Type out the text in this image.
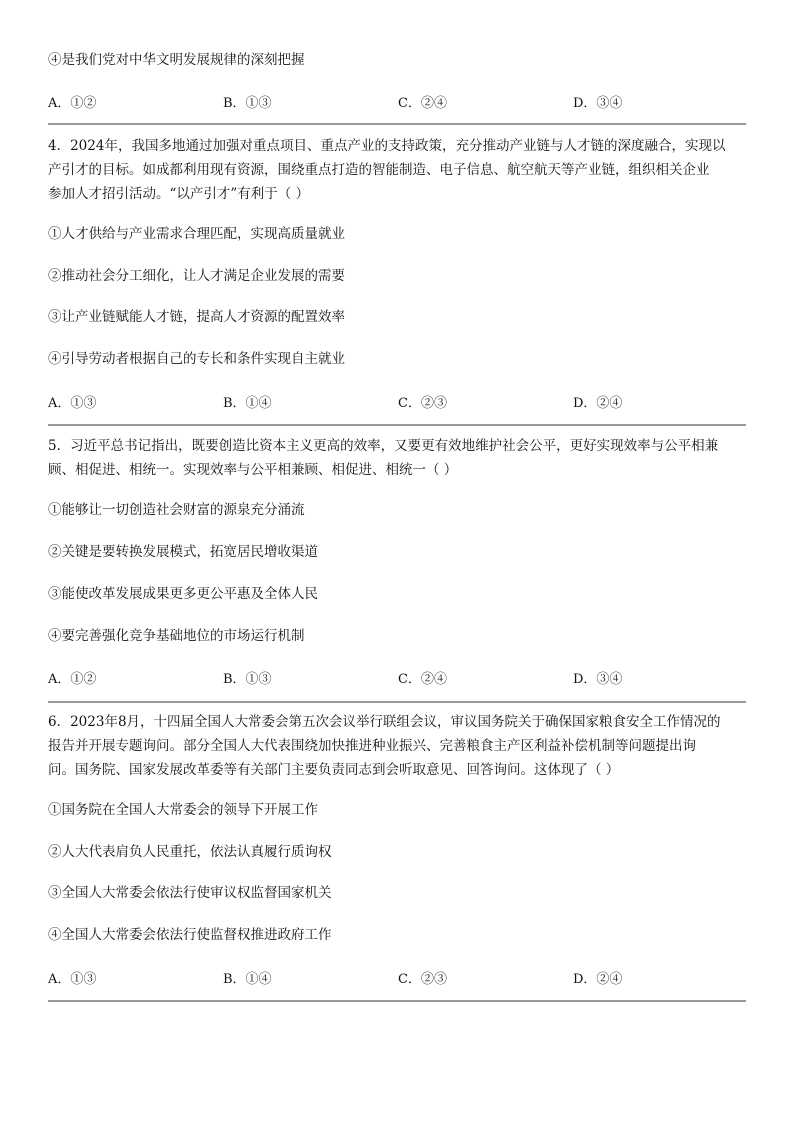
④是我们党对中华文明发展规律的深刻把握
A．①②	B．①③	C．②④	D．③④
4．2024年，我国多地通过加强对重点项目、重点产业的支持政策，充分推动产业链与人才链的深度融合，实现以
产引才的目标。如成都利用现有资源，围绕重点打造的智能制造、电子信息、航空航天等产业链，组织相关企业
参加人才招引活动。“以产引才”有利于（ ）
①人才供给与产业需求合理匹配，实现高质量就业
②推动社会分工细化，让人才满足企业发展的需要
③让产业链赋能人才链，提高人才资源的配置效率
④引导劳动者根据自己的专长和条件实现自主就业
A．①③	B．①④	C．②③	D．②④
5．习近平总书记指出，既要创造比资本主义更高的效率，又要更有效地维护社会公平，更好实现效率与公平相兼
顾、相促进、相统一。实现效率与公平相兼顾、相促进、相统一（ ）
①能够让一切创造社会财富的源泉充分涌流
②关键是要转换发展模式，拓宽居民增收渠道
③能使改革发展成果更多更公平惠及全体人民
④要完善强化竞争基础地位的市场运行机制
A．①②	B．①③	C．②④	D．③④
6．2023年8月，十四届全国人大常委会第五次会议举行联组会议，审议国务院关于确保国家粮食安全工作情况的
报告并开展专题询问。部分全国人大代表围绕加快推进种业振兴、完善粮食主产区利益补偿机制等问题提出询
问。国务院、国家发展改革委等有关部门主要负责同志到会听取意见、回答询问。这体现了（ ）
①国务院在全国人大常委会的领导下开展工作
②人大代表肩负人民重托，依法认真履行质询权
③全国人大常委会依法行使审议权监督国家机关
④全国人大常委会依法行使监督权推进政府工作
A．①③	B．①④	C．②③	D．②④
